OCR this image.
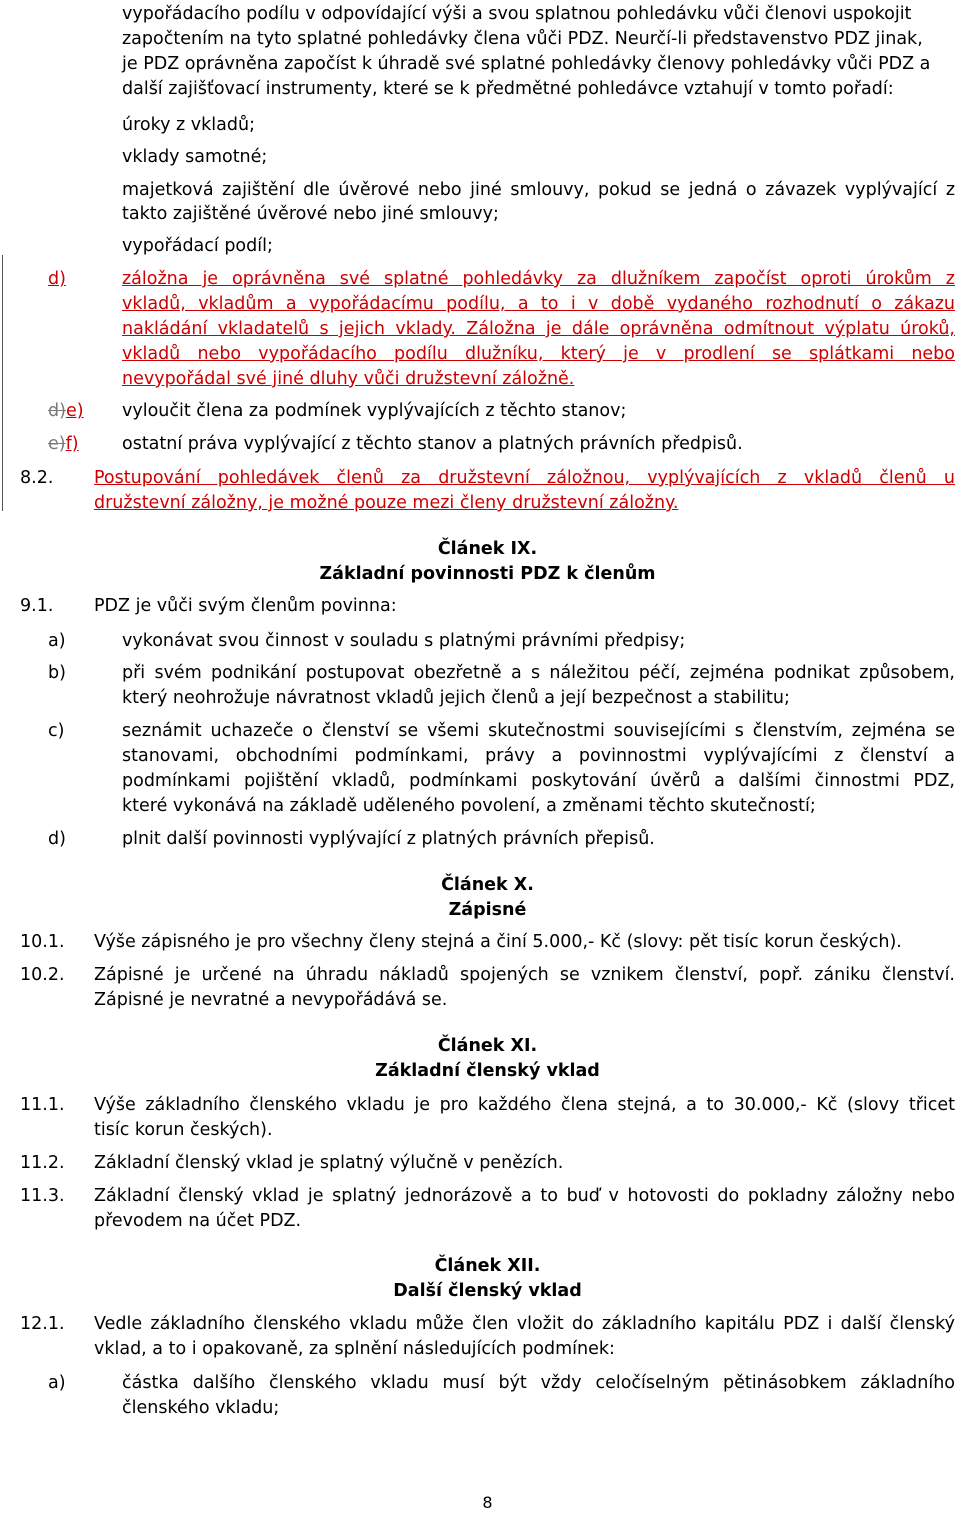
vypořádacího podílu v odpovídající výši a svou splatnou pohledávku vůči členovi uspokojit
započtením na tyto splatné pohledávky člena vůči PDZ. Neurčí-li představenstvo PDZ jinak,
je PDZ oprávněna započíst k úhradě své splatné pohledávky členovy pohledávky vůči PDZ a
další zajišťovací instrumenty, které se k předmětné pohledávce vztahují v tomto pořadí:
úroky z vkladů;
vklady samotné;
majetková zajištění dle úvěrové nebo jiné smlouvy, pokud se jedná o závazek vyplývající z
takto zajištěné úvěrové nebo jiné smlouvy;
vypořádací podíl;
d)	záložna je oprávněna své splatné pohledávky za dlužníkem započíst oproti úrokům z
vkladů, vkladům a vypořádacímu podílu, a to i v době vydaného rozhodnutí o zákazu
nakládání vkladatelů s jejich vklady. Záložna je dále oprávněna odmítnout výplatu úroků,
vkladů nebo vypořádacího podílu dlužníku, který je v prodlení se splátkami nebo
nevypořádal své jiné dluhy vůči družstevní záložně.
d)e) vyloučit člena za podmínek vyplývajících z těchto stanov;
e)f) ostatní práva vyplývající z těchto stanov a platných právních předpisů.
8.2. Postupování pohledávek členů za družstevní záložnou, vyplývajících z vkladů členů u
družstevní záložny, je možné pouze mezi členy družstevní záložny.
Článek IX.
Základní povinnosti PDZ k členům
9.1. PDZ je vůči svým členům povinna:
a)	vykonávat svou činnost v souladu s platnými právními předpisy;
b)	při svém podnikání postupovat obezřetně a s náležitou péčí, zejména podnikat způsobem,
který neohrožuje návratnost vkladů jejich členů a její bezpečnost a stabilitu;
c)	seznámit uchazeče o členství se všemi skutečnostmi souvisejícími s členstvím, zejména se
stanovami, obchodními podmínkami, právy a povinnostmi vyplývajícími z členství a
podmínkami pojištění vkladů, podmínkami poskytování úvěrů a dalšími činnostmi PDZ,
které vykonává na základě uděleného povolení, a změnami těchto skutečností;
d)	plnit další povinnosti vyplývající z platných právních přepisů.
Článek X.
Zápisné
10.1. Výše zápisného je pro všechny členy stejná a činí 5.000,- Kč (slovy: pět tisíc korun českých).
10.2. Zápisné je určené na úhradu nákladů spojených se vznikem členství, popř. zániku členství.
Zápisné je nevratné a nevypořádává se.
Článek XI.
Základní členský vklad
11.1. Výše základního členského vkladu je pro každého člena stejná, a to 30.000,- Kč (slovy třicet
tisíc korun českých).
11.2. Základní členský vklad je splatný výlučně v penězích.
11.3. Základní členský vklad je splatný jednorázově a to buď v hotovosti do pokladny záložny nebo
převodem na účet PDZ.
Článek XII.
Další členský vklad
12.1. Vedle základního členského vkladu může člen vložit do základního kapitálu PDZ i další členský
vklad, a to i opakovaně, za splnění následujících podmínek:
a)	částka dalšího členského vkladu musí být vždy celočíselným pětinásobkem základního
členského vkladu;
8
